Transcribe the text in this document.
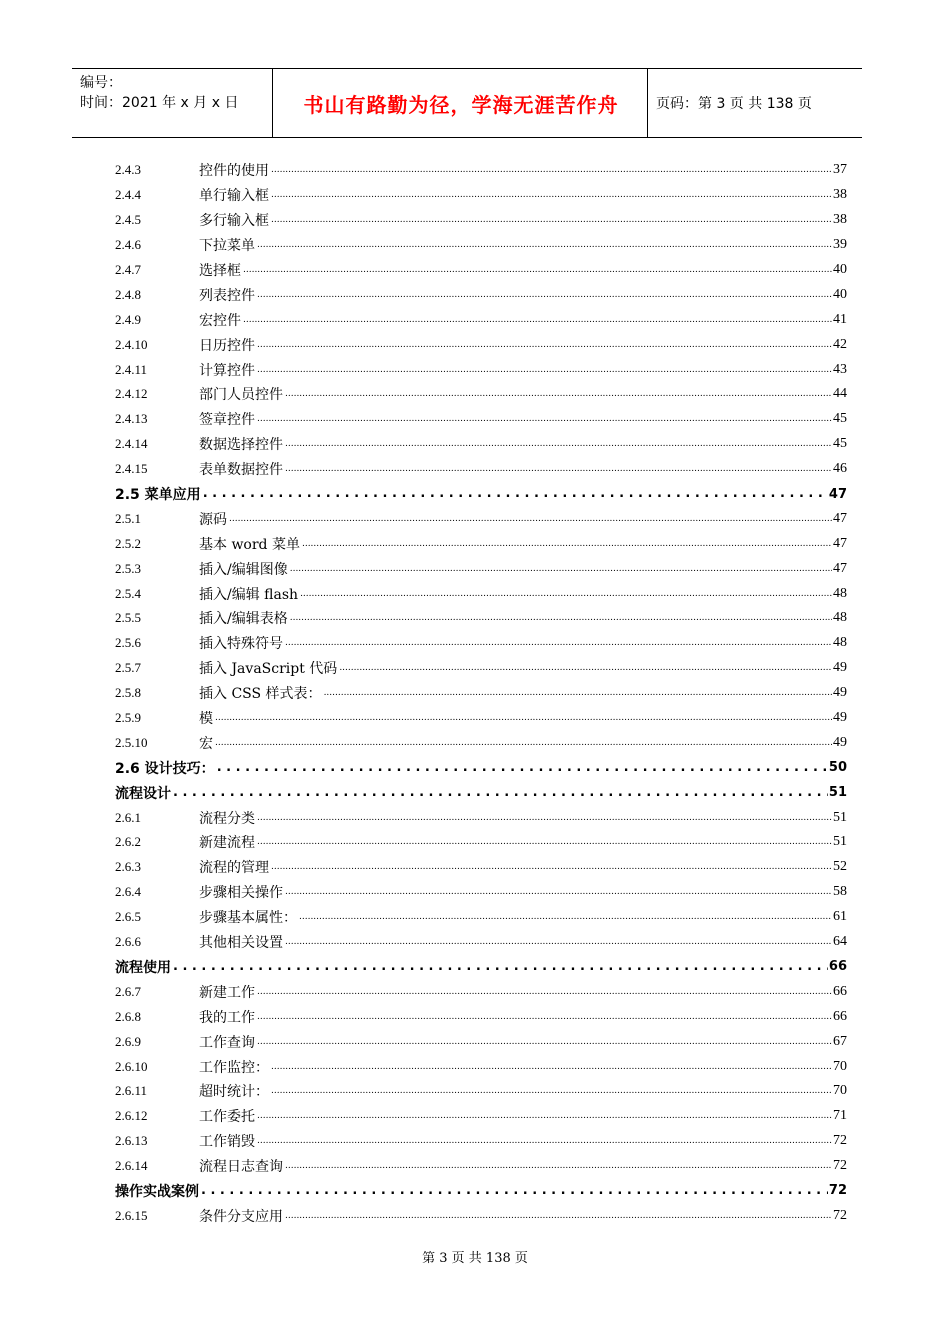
编号：
时间：2021 年 x 月 x 日	书山有路勤为径，学海无涯苦作舟	页码：第 3 页 共 138 页
2.4.3	控件的使用 .....	37
2.4.4	单行输入框 .....	38
2.4.5	多行输入框 .....	38
2.4.6	下拉菜单 .....	39
2.4.7	选择框 .....	40
2.4.8	列表控件 .....	40
2.4.9	宏控件 .....	41
2.4.10	日历控件 .....	42
2.4.11	计算控件 .....	43
2.4.12	部门人员控件 .....	44
2.4.13	签章控件 .....	45
2.4.14	数据选择控件 .....	45
2.4.15	表单数据控件 .....	46
2.5 菜单应用 . . .	47
2.5.1	源码 .....	47
2.5.2	基本 word 菜单 .....	47
2.5.3	插入/编辑图像 .....	47
2.5.4	插入/编辑 flash .....	48
2.5.5	插入/编辑表格 .....	48
2.5.6	插入特殊符号 .....	48
2.5.7	插入 JavaScript 代码 .....	49
2.5.8	插入 CSS 样式表： .....	49
2.5.9	模 .....	49
2.5.10	宏 .....	49
2.6 设计技巧： . . .	50
流程设计 . . .	51
2.6.1	流程分类 .....	51
2.6.2	新建流程 .....	51
2.6.3	流程的管理 .....	52
2.6.4	步骤相关操作 .....	58
2.6.5	步骤基本属性： .....	61
2.6.6	其他相关设置 .....	64
流程使用 . . .	66
2.6.7	新建工作 .....	66
2.6.8	我的工作 .....	66
2.6.9	工作查询 .....	67
2.6.10	工作监控： .....	70
2.6.11	超时统计： .....	70
2.6.12	工作委托 .....	71
2.6.13	工作销毁 .....	72
2.6.14	流程日志查询 .....	72
操作实战案例 . . .	72
2.6.15	条件分支应用 .....	72
第 3 页 共 138 页
